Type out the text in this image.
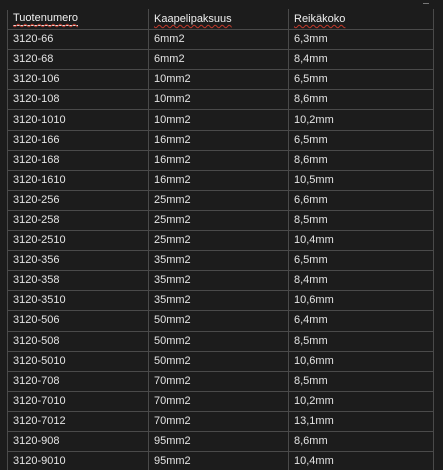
Tuotenumero	Kaapelipaksuus	Reikäkoko
3120-66	6mm2	6,3mm
3120-68	6mm2	8,4mm
3120-106	10mm2	6,5mm
3120-108	10mm2	8,6mm
3120-1010	10mm2	10,2mm
3120-166	16mm2	6,5mm
3120-168	16mm2	8,6mm
3120-1610	16mm2	10,5mm
3120-256	25mm2	6,6mm
3120-258	25mm2	8,5mm
3120-2510	25mm2	10,4mm
3120-356	35mm2	6,5mm
3120-358	35mm2	8,4mm
3120-3510	35mm2	10,6mm
3120-506	50mm2	6,4mm
3120-508	50mm2	8,5mm
3120-5010	50mm2	10,6mm
3120-708	70mm2	8,5mm
3120-7010	70mm2	10,2mm
3120-7012	70mm2	13,1mm
3120-908	95mm2	8,6mm
3120-9010	95mm2	10,4mm
